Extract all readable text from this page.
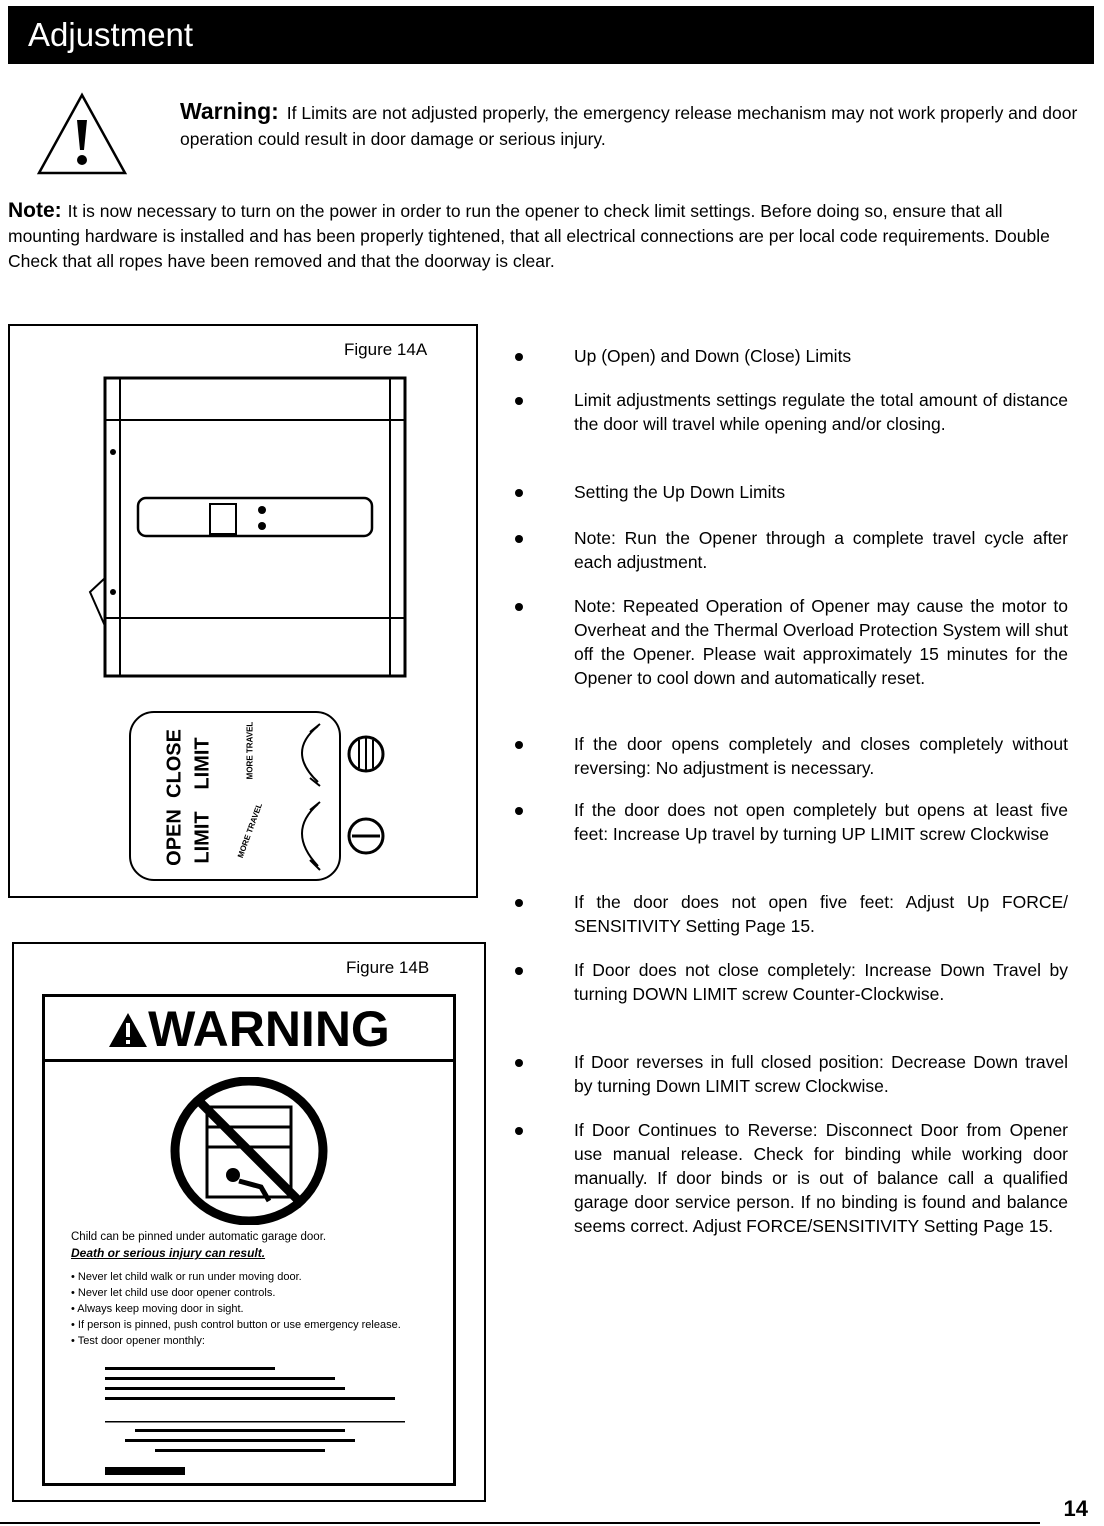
Adjustment
Warning: If Limits are not adjusted properly, the emergency release mechanism may not work properly and door operation could result in door damage or serious injury.
Note: It is now necessary to turn on the power in order to run the opener to check limit settings. Before doing so, ensure that all mounting hardware is installed and has been properly tightened, that all electrical connections are per local code requirements. Double Check that all ropes have been removed and that the doorway is clear.
Figure 14A
CLOSE LIMIT
OPEN LIMIT
MORE TRAVEL
MORE TRAVEL
Figure 14B
WARNING
Child can be pinned under automatic garage door.
Death or serious injury can result.
• Never let child walk or run under moving door.
• Never let child use door opener controls.
• Always keep moving door in sight.
• If person is pinned, push control button or use emergency release.
• Test door opener monthly:
Up (Open) and Down (Close) Limits
Limit adjustments settings regulate the total amount of distance the door will travel while opening and/or closing.
Setting the Up Down Limits
Note: Run the Opener through a complete travel cycle after each adjustment.
Note: Repeated Operation of Opener may cause the motor to Overheat and the Thermal Overload Protection System will shut off the Opener. Please wait approximately 15 minutes for the Opener to cool down and automatically reset.
If the door opens completely and closes completely without reversing: No adjustment is necessary.
If the door does not open completely but opens at least five feet: Increase Up travel by turning UP LIMIT screw Clockwise
If the door does not open five feet: Adjust Up FORCE/ SENSITIVITY Setting Page 15.
If Door does not close completely: Increase Down Travel by turning DOWN LIMIT screw Counter-Clockwise.
If Door reverses in full closed position: Decrease Down travel by turning Down LIMIT screw Clockwise.
If Door Continues to Reverse: Disconnect Door from Opener use manual release. Check for binding while working door manually. If door binds or is out of balance call a qualified garage door service person. If no binding is found and balance seems correct. Adjust FORCE/SENSITIVITY Setting Page 15.
14
